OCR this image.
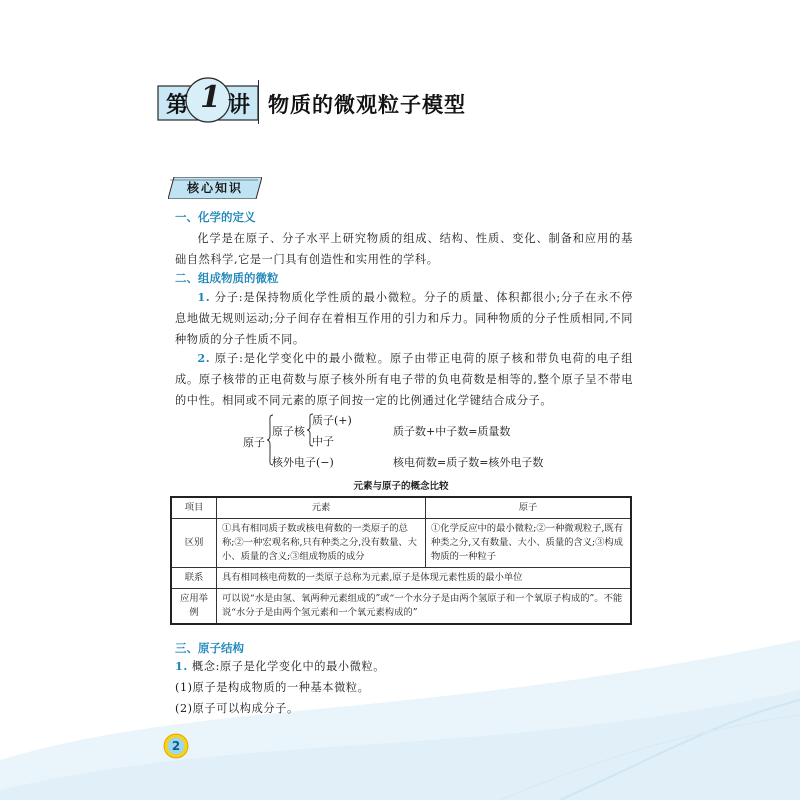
第 1 讲 物质的微观粒子模型
核心知识
一、化学的定义
化学是在原子、分子水平上研究物质的组成、结构、性质、变化、制备和应用的基础自然科学,它是一门具有创造性和实用性的学科。
二、组成物质的微粒
1. 分子:是保持物质化学性质的最小微粒。分子的质量、体积都很小;分子在永不停息地做无规则运动;分子间存在着相互作用的引力和斥力。同种物质的分子性质相同,不同种物质的分子性质不同。
2. 原子:是化学变化中的最小微粒。原子由带正电荷的原子核和带负电荷的电子组成。原子核带的正电荷数与原子核外所有电子带的负电荷数是相等的,整个原子呈不带电的中性。相同或不同元素的原子间按一定的比例通过化学键结合成分子。
原子
原子核
质子(+)
中子
核外电子(−)
质子数+中子数=质量数
核电荷数=质子数=核外电子数
元素与原子的概念比较
项目	元素	原子
区别	①具有相同质子数或核电荷数的一类原子的总称;②一种宏观名称,只有种类之分,没有数量、大小、质量的含义;③组成物质的成分	①化学反应中的最小微粒;②一种微观粒子,既有种类之分,又有数量、大小、质量的含义;③构成物质的一种粒子
联系	具有相同核电荷数的一类原子总称为元素,原子是体现元素性质的最小单位	
应用举例	可以说“水是由氢、氧两种元素组成的”或“一个水分子是由两个氢原子和一个氧原子构成的”。不能说“水分子是由两个氢元素和一个氧元素构成的”	
三、原子结构
1. 概念:原子是化学变化中的最小微粒。
(1)原子是构成物质的一种基本微粒。
(2)原子可以构成分子。
2
